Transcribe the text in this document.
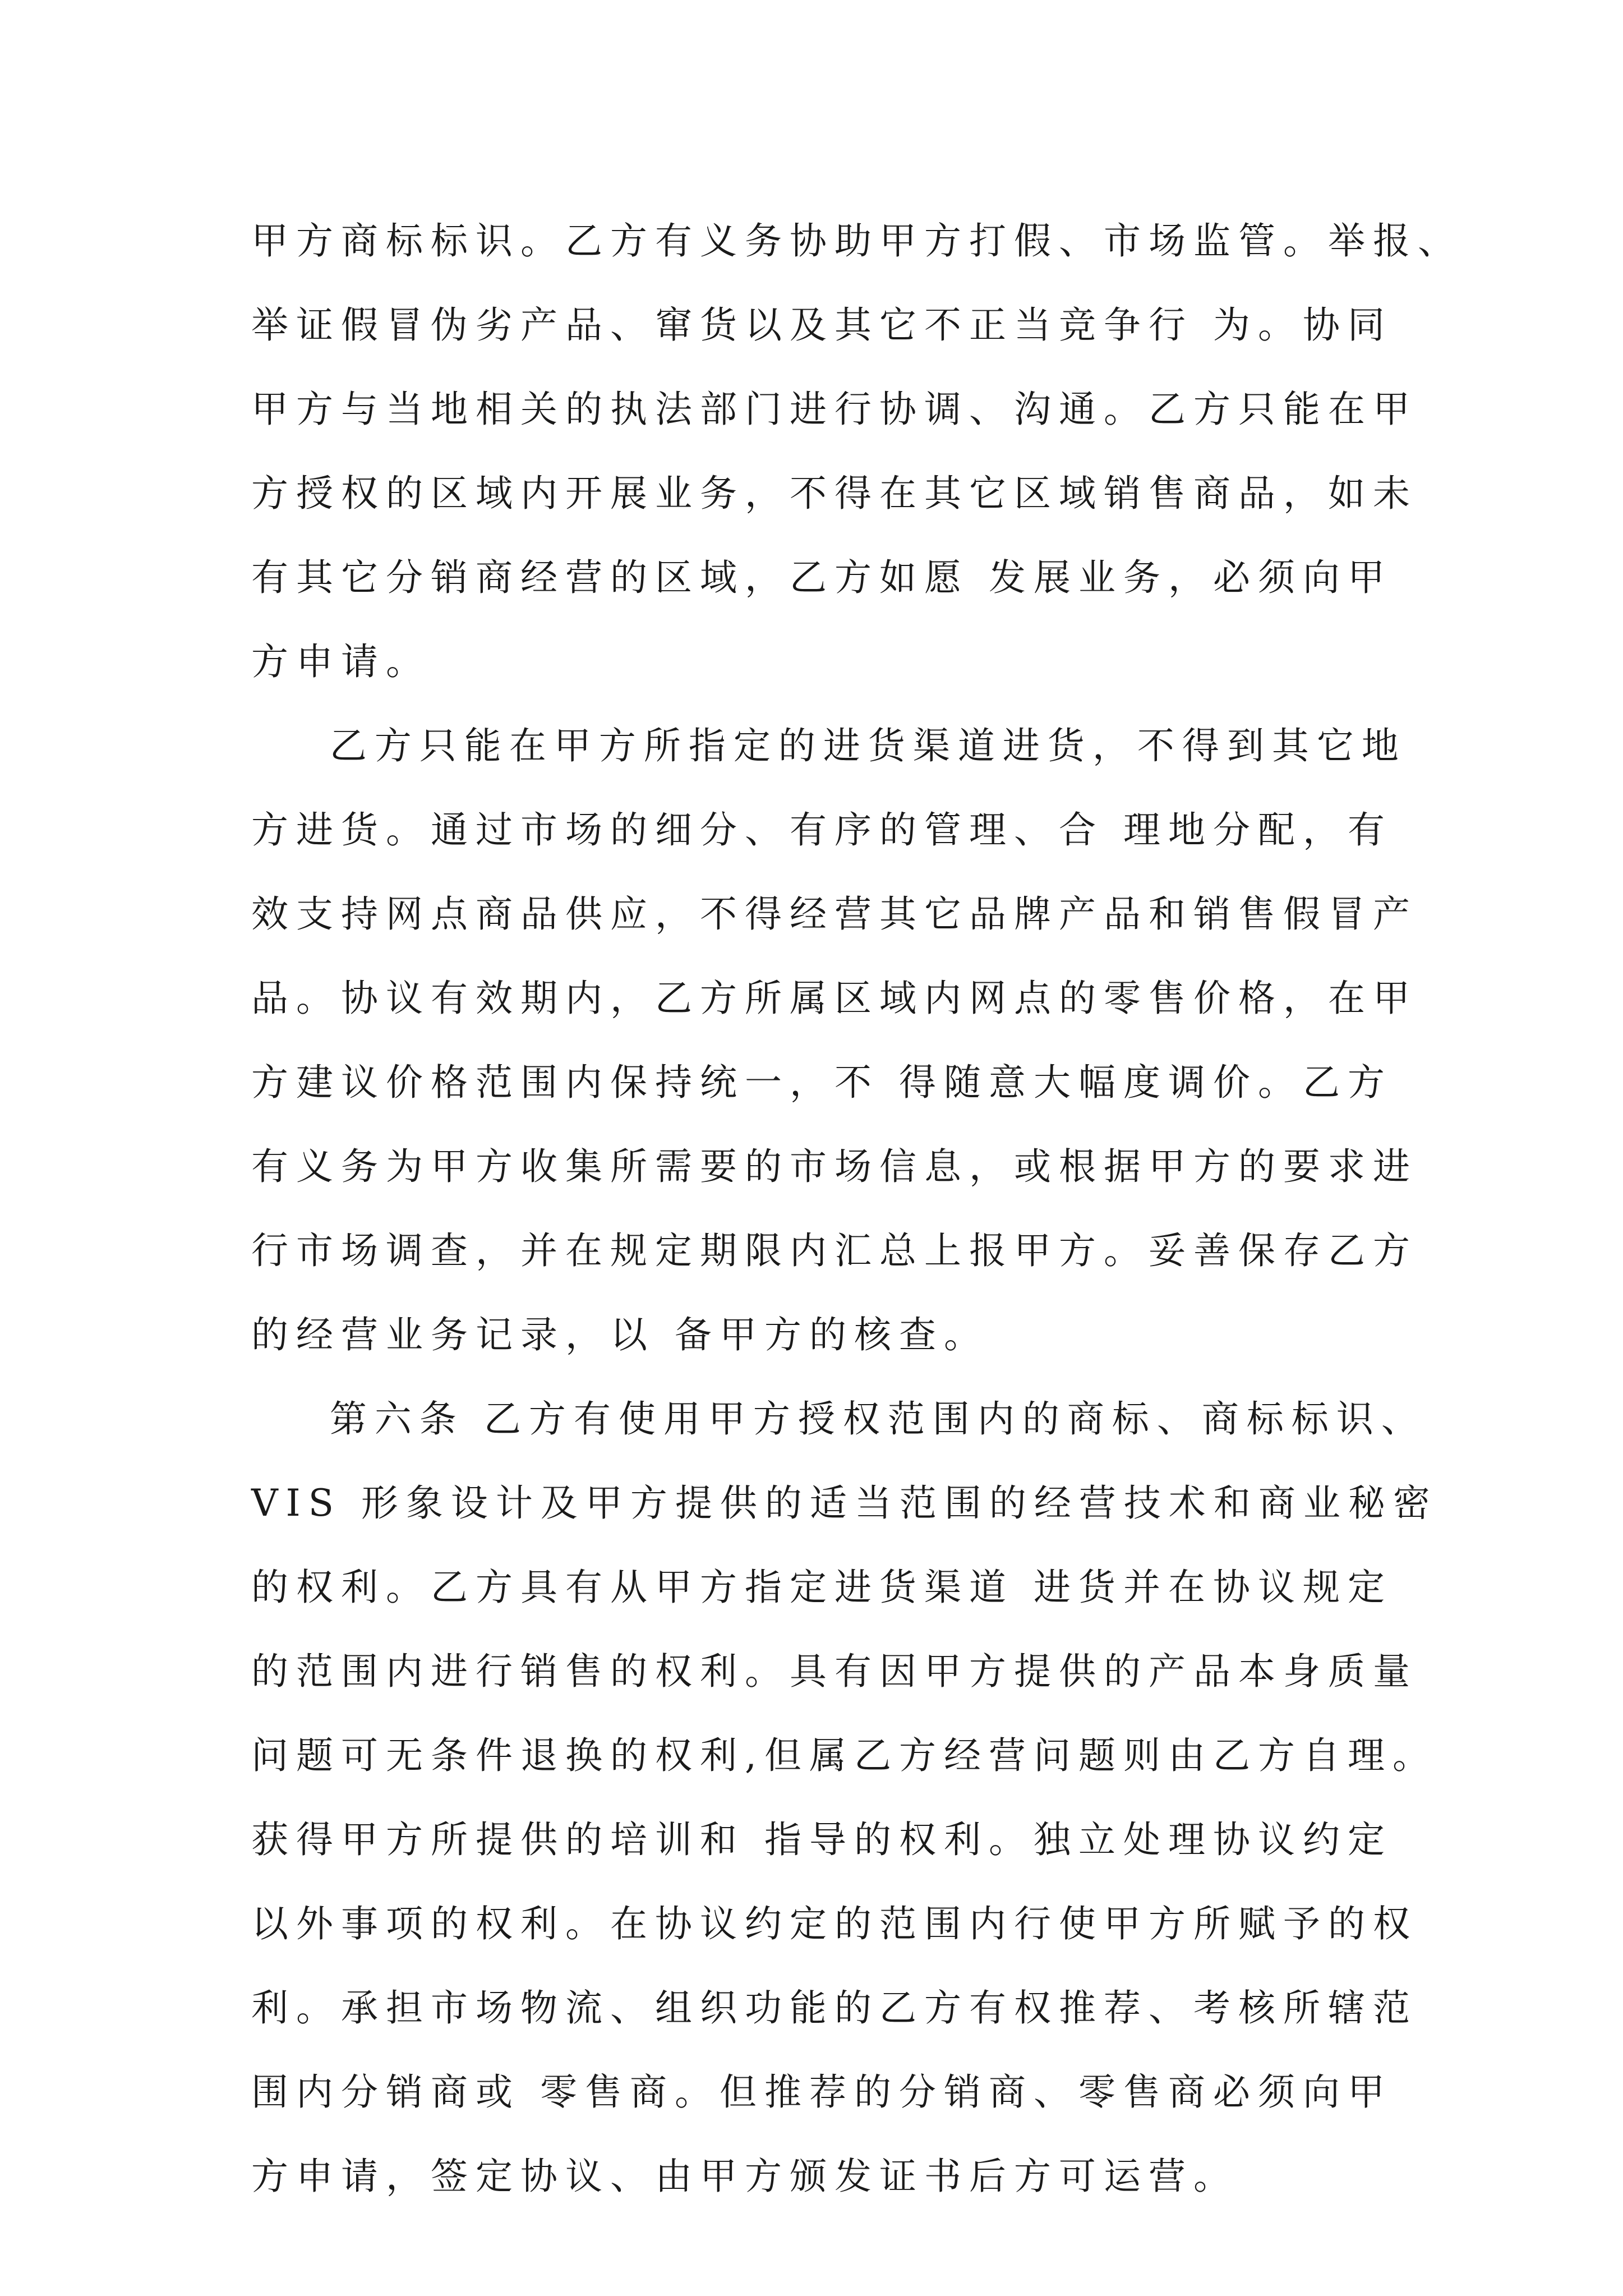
甲方商标标识。乙方有义务协助甲方打假、市场监管。举报、
举证假冒伪劣产品、窜货以及其它不正当竞争行 为。协同
甲方与当地相关的执法部门进行协调、沟通。乙方只能在甲
方授权的区域内开展业务，不得在其它区域销售商品，如未
有其它分销商经营的区域，乙方如愿 发展业务，必须向甲
方申请。
乙方只能在甲方所指定的进货渠道进货，不得到其它地
方进货。通过市场的细分、有序的管理、合 理地分配，有
效支持网点商品供应，不得经营其它品牌产品和销售假冒产
品。协议有效期内，乙方所属区域内网点的零售价格，在甲
方建议价格范围内保持统一，不 得随意大幅度调价。乙方
有义务为甲方收集所需要的市场信息，或根据甲方的要求进
行市场调查，并在规定期限内汇总上报甲方。妥善保存乙方
的经营业务记录，以 备甲方的核查。
第六条 乙方有使用甲方授权范围内的商标、商标标识、
VIS 形象设计及甲方提供的适当范围的经营技术和商业秘密
的权利。乙方具有从甲方指定进货渠道 进货并在协议规定
的范围内进行销售的权利。具有因甲方提供的产品本身质量
问题可无条件退换的权利,但属乙方经营问题则由乙方自理。
获得甲方所提供的培训和 指导的权利。独立处理协议约定
以外事项的权利。在协议约定的范围内行使甲方所赋予的权
利。承担市场物流、组织功能的乙方有权推荐、考核所辖范
围内分销商或 零售商。但推荐的分销商、零售商必须向甲
方申请，签定协议、由甲方颁发证书后方可运营。
